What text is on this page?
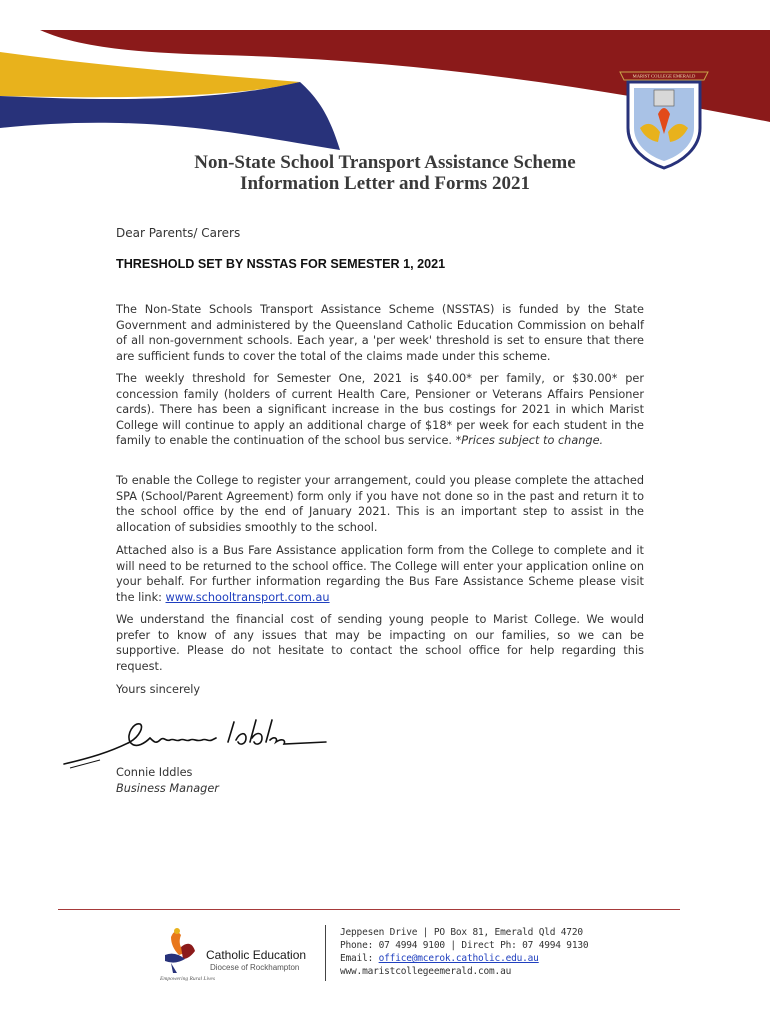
MARIST COLLEGE EMERALD
Non-State School Transport Assistance Scheme
Information Letter and Forms 2021
Dear Parents/ Carers
THRESHOLD SET BY NSSTAS FOR SEMESTER 1, 2021
The Non-State Schools Transport Assistance Scheme (NSSTAS) is funded by the State Government and administered by the Queensland Catholic Education Commission on behalf of all non-government schools. Each year, a 'per week' threshold is set to ensure that there are sufficient funds to cover the total of the claims made under this scheme.
The weekly threshold for Semester One, 2021 is $40.00* per family, or $30.00* per concession family (holders of current Health Care, Pensioner or Veterans Affairs Pensioner cards). There has been a significant increase in the bus costings for 2021 in which Marist College will continue to apply an additional charge of $18* per week for each student in the family to enable the continuation of the school bus service. *Prices subject to change.
To enable the College to register your arrangement, could you please complete the attached SPA (School/Parent Agreement) form only if you have not done so in the past and return it to the school office by the end of January 2021. This is an important step to assist in the allocation of subsidies smoothly to the school.
Attached also is a Bus Fare Assistance application form from the College to complete and it will need to be returned to the school office. The College will enter your application online on your behalf. For further information regarding the Bus Fare Assistance Scheme please visit the link: www.schooltransport.com.au
We understand the financial cost of sending young people to Marist College. We would prefer to know of any issues that may be impacting on our families, so we can be supportive. Please do not hesitate to contact the school office for help regarding this request.
Yours sincerely
Connie Iddles
Business Manager
Catholic Education
Diocese of Rockhampton
Empowering Rural Lives
Jeppesen Drive | PO Box 81, Emerald Qld 4720
Phone: 07 4994 9100 | Direct Ph: 07 4994 9130
Email: office@mcerok.catholic.edu.au
www.maristcollegeemerald.com.au
